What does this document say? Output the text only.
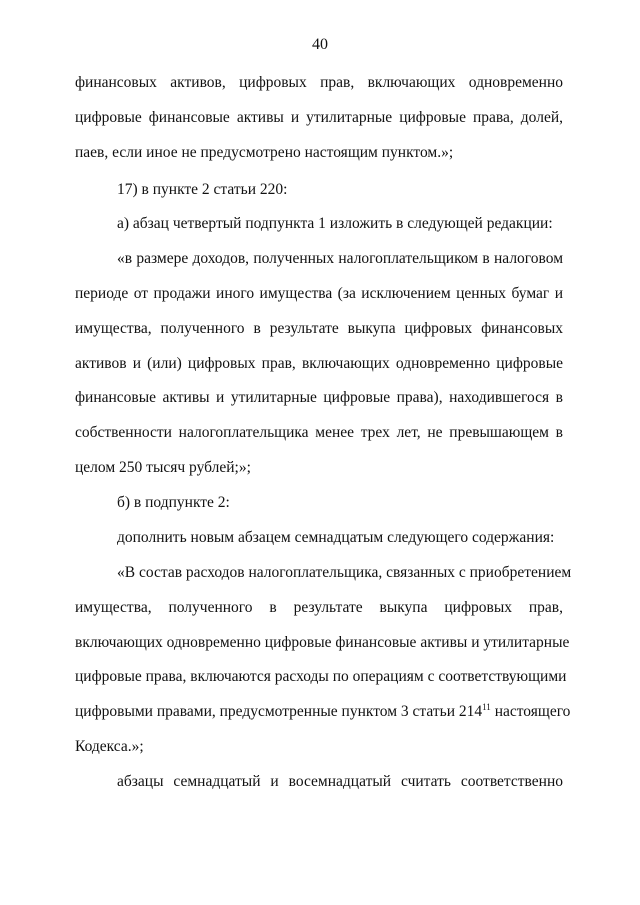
40
финансовых активов, цифровых прав, включающих одновременно
цифровые финансовые активы и утилитарные цифровые права, долей,
паев, если иное не предусмотрено настоящим пунктом.»;
17) в пункте 2 статьи 220:
а) абзац четвертый подпункта 1 изложить в следующей редакции:
«в размере доходов, полученных налогоплательщиком в налоговом
периоде от продажи иного имущества (за исключением ценных бумаг и
имущества, полученного в результате выкупа цифровых финансовых
активов и (или) цифровых прав, включающих одновременно цифровые
финансовые активы и утилитарные цифровые права), находившегося в
собственности налогоплательщика менее трех лет, не превышающем в
целом 250 тысяч рублей;»;
б) в подпункте 2:
дополнить новым абзацем семнадцатым следующего содержания:
«В состав расходов налогоплательщика, связанных с приобретением
имущества, полученного в результате выкупа цифровых прав,
включающих одновременно цифровые финансовые активы и утилитарные
цифровые права, включаются расходы по операциям с соответствующими
цифровыми правами, предусмотренные пунктом 3 статьи $214^{11}$ настоящего
Кодекса.»;
абзацы семнадцатый и восемнадцатый считать соответственно
